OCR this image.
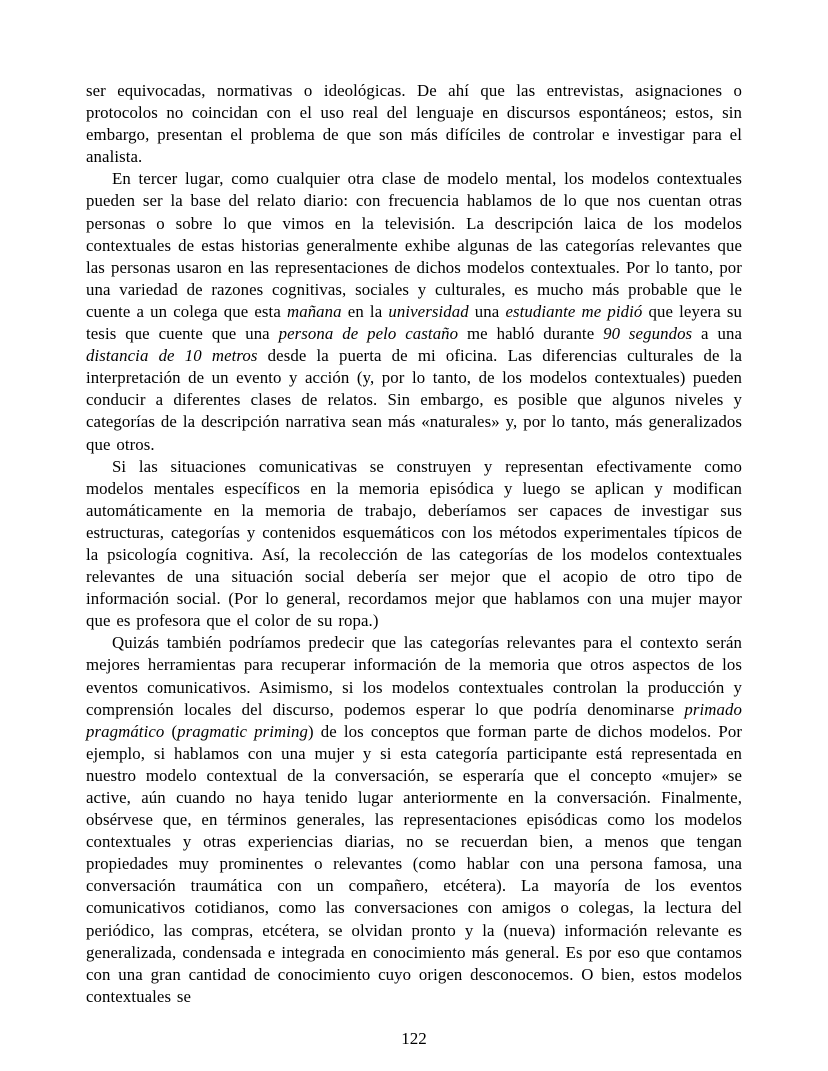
ser equivocadas, normativas o ideológicas. De ahí que las entrevistas, asignaciones o protocolos no coincidan con el uso real del lenguaje en discursos espontáneos; estos, sin embargo, presentan el problema de que son más difíciles de controlar e investigar para el analista.

En tercer lugar, como cualquier otra clase de modelo mental, los modelos contextuales pueden ser la base del relato diario: con frecuencia hablamos de lo que nos cuentan otras personas o sobre lo que vimos en la televisión. La descripción laica de los modelos contextuales de estas historias generalmente exhibe algunas de las categorías relevantes que las personas usaron en las representaciones de dichos modelos contextuales. Por lo tanto, por una variedad de razones cognitivas, sociales y culturales, es mucho más probable que le cuente a un colega que esta mañana en la universidad una estudiante me pidió que leyera su tesis que cuente que una persona de pelo castaño me habló durante 90 segundos a una distancia de 10 metros desde la puerta de mi oficina. Las diferencias culturales de la interpretación de un evento y acción (y, por lo tanto, de los modelos contextuales) pueden conducir a diferentes clases de relatos. Sin embargo, es posible que algunos niveles y categorías de la descripción narrativa sean más «naturales» y, por lo tanto, más generalizados que otros.

Si las situaciones comunicativas se construyen y representan efectivamente como modelos mentales específicos en la memoria episódica y luego se aplican y modifican automáticamente en la memoria de trabajo, deberíamos ser capaces de investigar sus estructuras, categorías y contenidos esquemáticos con los métodos experimentales típicos de la psicología cognitiva. Así, la recolección de las categorías de los modelos contextuales relevantes de una situación social debería ser mejor que el acopio de otro tipo de información social. (Por lo general, recordamos mejor que hablamos con una mujer mayor que es profesora que el color de su ropa.)

Quizás también podríamos predecir que las categorías relevantes para el contexto serán mejores herramientas para recuperar información de la memoria que otros aspectos de los eventos comunicativos. Asimismo, si los modelos contextuales controlan la producción y comprensión locales del discurso, podemos esperar lo que podría denominarse primado pragmático (pragmatic priming) de los conceptos que forman parte de dichos modelos. Por ejemplo, si hablamos con una mujer y si esta categoría participante está representada en nuestro modelo contextual de la conversación, se esperaría que el concepto «mujer» se active, aún cuando no haya tenido lugar anteriormente en la conversación. Finalmente, obsérvese que, en términos generales, las representaciones episódicas como los modelos contextuales y otras experiencias diarias, no se recuerdan bien, a menos que tengan propiedades muy prominentes o relevantes (como hablar con una persona famosa, una conversación traumática con un compañero, etcétera). La mayoría de los eventos comunicativos cotidianos, como las conversaciones con amigos o colegas, la lectura del periódico, las compras, etcétera, se olvidan pronto y la (nueva) información relevante es generalizada, condensada e integrada en conocimiento más general. Es por eso que contamos con una gran cantidad de conocimiento cuyo origen desconocemos. O bien, estos modelos contextuales se

122
